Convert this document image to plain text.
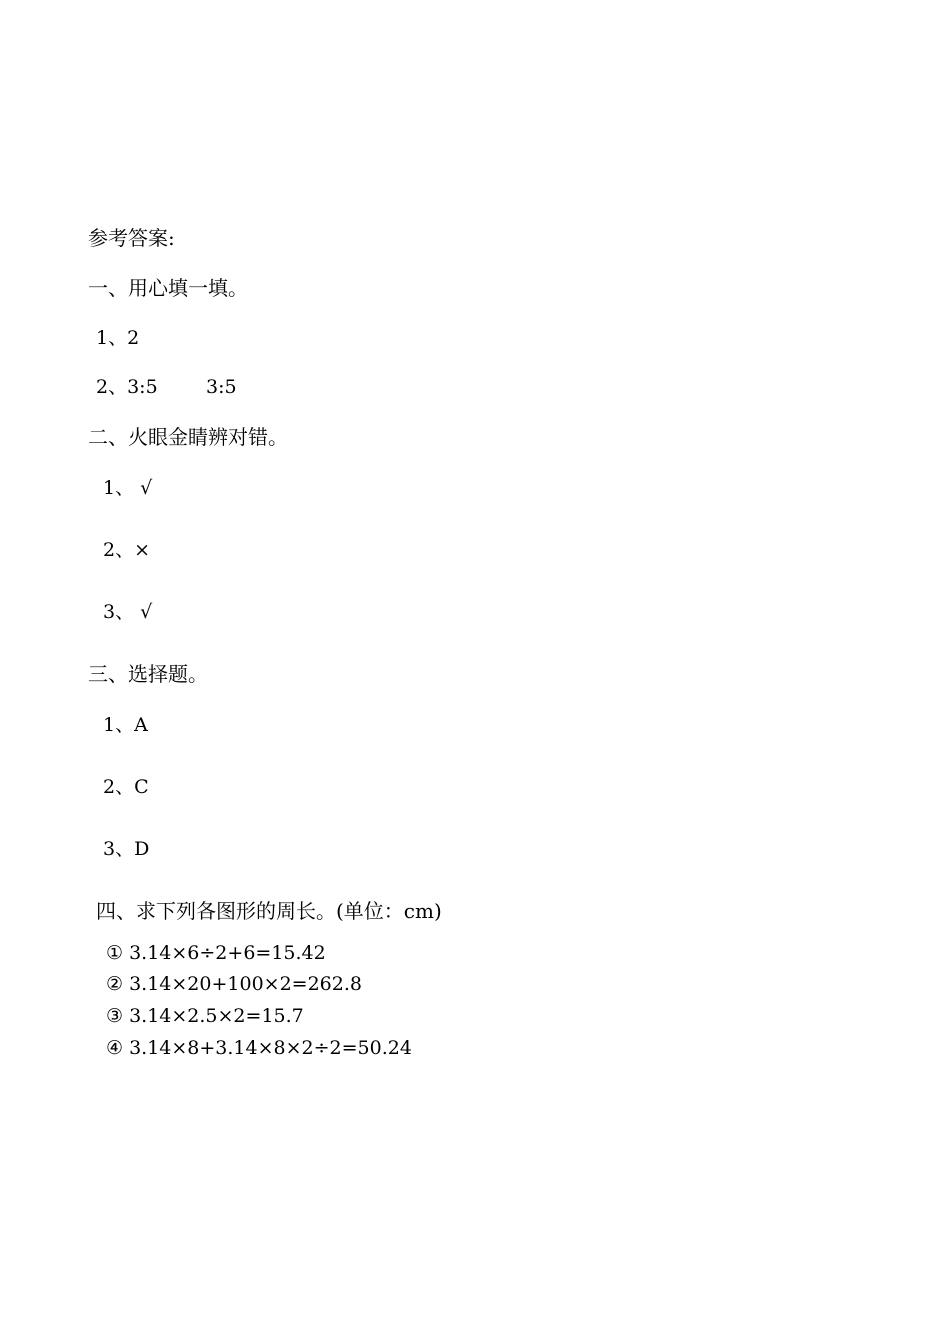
参考答案:
一、用心填一填。
1、2
2、3:5        3:5
二、火眼金睛辨对错。
1、 √
2、×
3、 √
三、选择题。
1、A
2、C
3、D
四、求下列各图形的周长。(单位：cm)
① 3.14×6÷2+6=15.42
② 3.14×20+100×2=262.8
③ 3.14×2.5×2=15.7
④ 3.14×8+3.14×8×2÷2=50.24
